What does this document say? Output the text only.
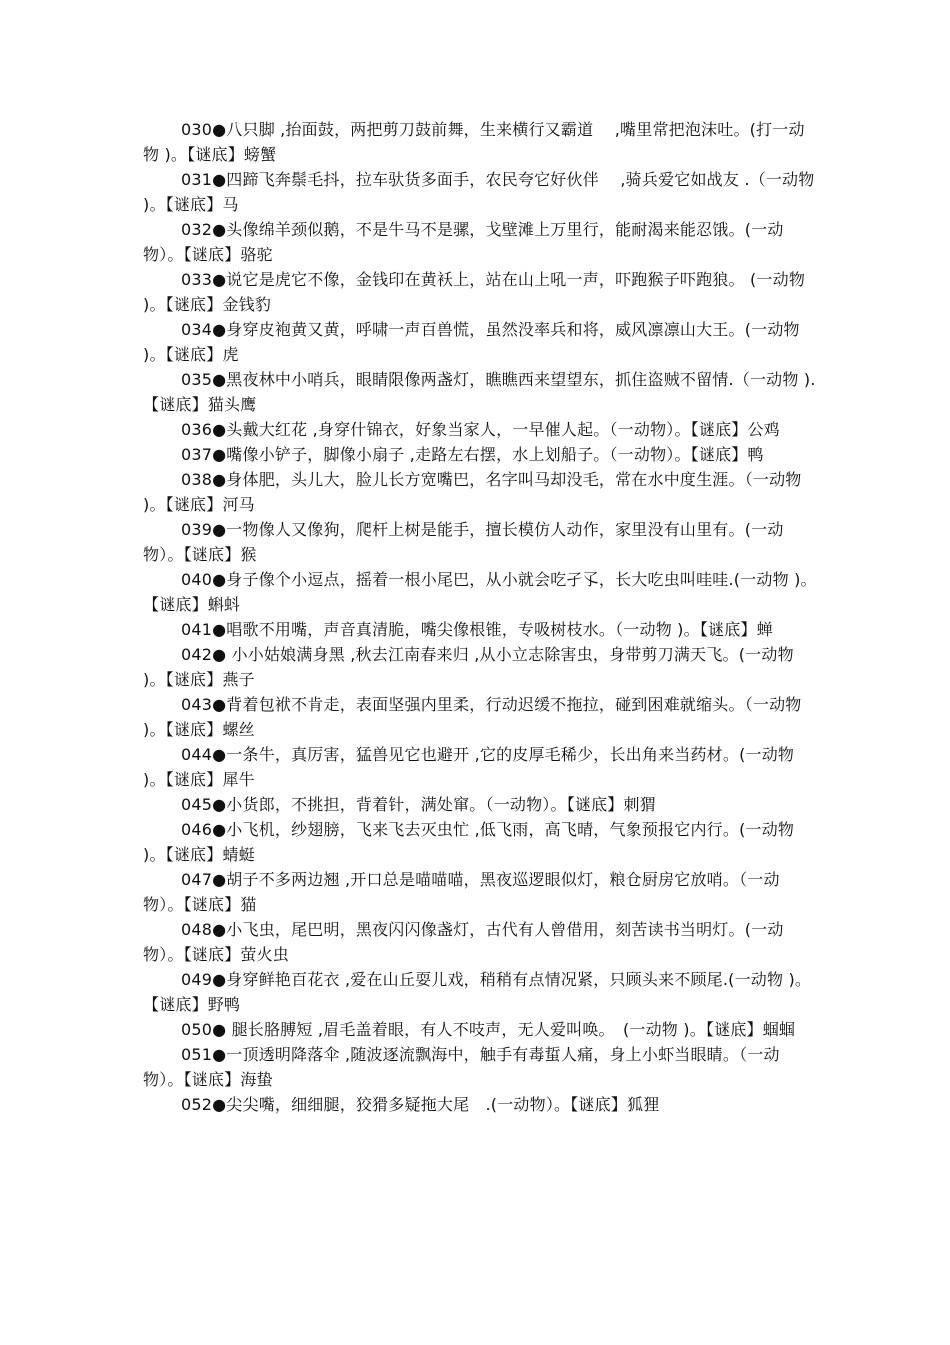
030●八只脚 ,抬面鼓，两把剪刀鼓前舞，生来横行又霸道　 ,嘴里常把泡沫吐。(打一动物 )。【谜底】螃蟹

031●四蹄飞奔鬃毛抖，拉车驮货多面手，农民夸它好伙伴　 ,骑兵爱它如战友 .（一动物 )。【谜底】马

032●头像绵羊颈似鹅，不是牛马不是骡，戈壁滩上万里行，能耐渴来能忍饿。(一动物）。【谜底】骆驼

033●说它是虎它不像，金钱印在黄袄上，站在山上吼一声，吓跑猴子吓跑狼。 (一动物 )。【谜底】金钱豹

034●身穿皮袍黄又黄，呼啸一声百兽慌，虽然没率兵和将，威风凛凛山大王。(一动物 )。【谜底】虎

035●黑夜林中小哨兵，眼睛限像两盏灯，瞧瞧西来望望东，抓住盗贼不留情.（一动物 ).【谜底】猫头鹰

036●头戴大红花 ,身穿什锦衣，好象当家人，一早催人起。（一动物）。【谜底】公鸡

037●嘴像小铲子，脚像小扇子 ,走路左右摆，水上划船子。（一动物）。【谜底】鸭

038●身体肥，头儿大，脸儿长方宽嘴巴，名字叫马却没毛，常在水中度生涯。（一动物 )。【谜底】河马

039●一物像人又像狗，爬杆上树是能手，擅长模仿人动作，家里没有山里有。(一动物）。【谜底】猴

040●身子像个小逗点，摇着一根小尾巴，从小就会吃孑孓，长大吃虫叫哇哇.(一动物 )。【谜底】蝌蚪

041●唱歌不用嘴，声音真清脆，嘴尖像根锥，专吸树枝水。（一动物 )。【谜底】蝉

042● 小小姑娘满身黑 ,秋去江南春来归 ,从小立志除害虫，身带剪刀满天飞。(一动物 )。【谜底】燕子

043●背着包袱不肯走，表面坚强内里柔，行动迟缓不拖拉，碰到困难就缩头。（一动物 )。【谜底】螺丝

044●一条牛，真厉害，猛兽见它也避开 ,它的皮厚毛稀少，长出角来当药材。(一动物 )。【谜底】犀牛

045●小货郎，不挑担，背着针，满处窜。（一动物）。【谜底】刺猬

046●小飞机，纱翅膀，飞来飞去灭虫忙 ,低飞雨，高飞晴，气象预报它内行。(一动物 )。【谜底】蜻蜓

047●胡子不多两边翘 ,开口总是喵喵喵，黑夜巡逻眼似灯，粮仓厨房它放哨。（一动物）。【谜底】猫

048●小飞虫，尾巴明，黑夜闪闪像盏灯，古代有人曾借用，刻苦读书当明灯。(一动物）。【谜底】萤火虫

049●身穿鲜艳百花衣 ,爱在山丘耍儿戏，稍稍有点情况紧，只顾头来不顾尾.(一动物 )。【谜底】野鸭

050● 腿长胳膊短 ,眉毛盖着眼，有人不吱声，无人爱叫唤。　(一动物 )。【谜底】蝈蝈

051●一顶透明降落伞 ,随波逐流飘海中，触手有毒蜇人痛，身上小虾当眼睛。（一动物）。【谜底】海蛰

052●尖尖嘴，细细腿，狡猾多疑拖大尾　.(一动物）。【谜底】狐狸
